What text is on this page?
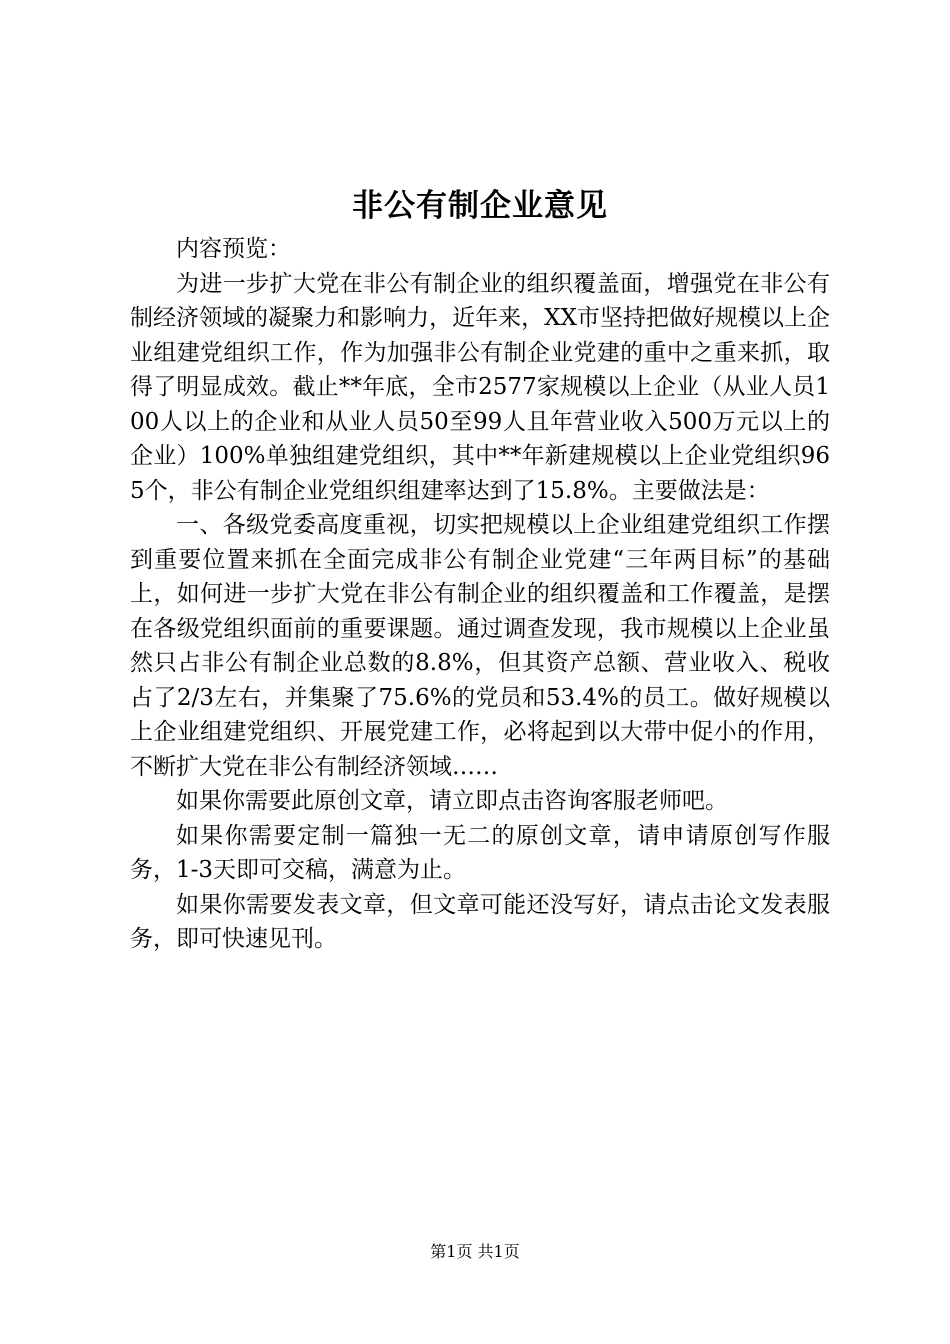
非公有制企业意见

内容预览：

为进一步扩大党在非公有制企业的组织覆盖面，增强党在非公有制经济领域的凝聚力和影响力，近年来，XX市坚持把做好规模以上企业组建党组织工作，作为加强非公有制企业党建的重中之重来抓，取得了明显成效。截止**年底，全市2577家规模以上企业（从业人员100人以上的企业和从业人员50至99人且年营业收入500万元以上的企业）100%单独组建党组织，其中**年新建规模以上企业党组织965个，非公有制企业党组织组建率达到了15.8%。主要做法是：

一、各级党委高度重视，切实把规模以上企业组建党组织工作摆到重要位置来抓在全面完成非公有制企业党建“三年两目标”的基础上，如何进一步扩大党在非公有制企业的组织覆盖和工作覆盖，是摆在各级党组织面前的重要课题。通过调查发现，我市规模以上企业虽然只占非公有制企业总数的8.8%，但其资产总额、营业收入、税收占了2/3左右，并集聚了75.6%的党员和53.4%的员工。做好规模以上企业组建党组织、开展党建工作，必将起到以大带中促小的作用，不断扩大党在非公有制经济领域……

如果你需要此原创文章，请立即点击咨询客服老师吧。

如果你需要定制一篇独一无二的原创文章，请申请原创写作服务，1-3天即可交稿，满意为止。

如果你需要发表文章，但文章可能还没写好，请点击论文发表服务，即可快速见刊。

第1页 共1页
